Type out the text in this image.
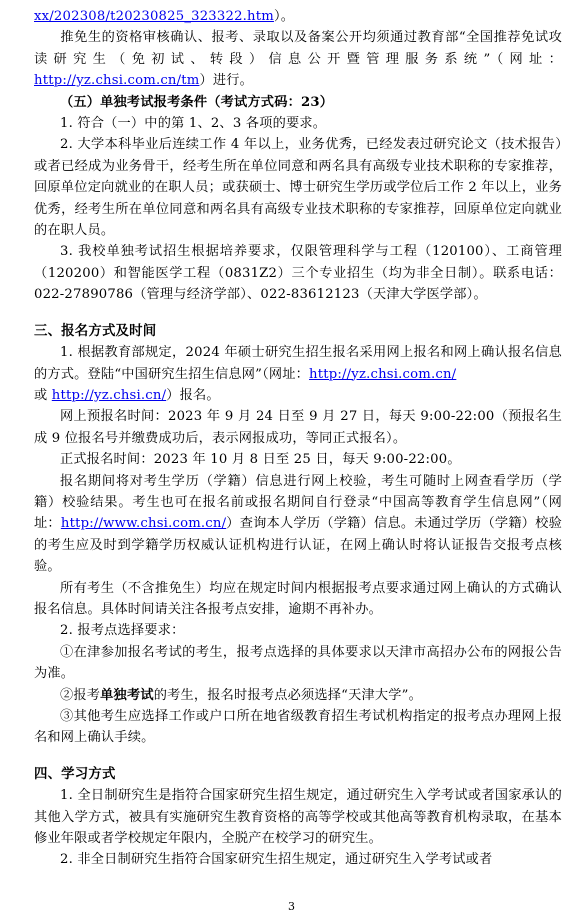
xx/202308/t20230825_323322.htm）。
推免生的资格审核确认、报考、录取以及备案公开均须通过教育部“全国推荐免试攻读研究生（免初试、转段）信息公开暨管理服务系统”（网址：http://yz.chsi.com.cn/tm）进行。

（五）单独考试报考条件（考试方式码：23）

1. 符合（一）中的第 1、2、3 各项的要求。

2. 大学本科毕业后连续工作 4 年以上，业务优秀，已经发表过研究论文（技术报告）或者已经成为业务骨干，经考生所在单位同意和两名具有高级专业技术职称的专家推荐，回原单位定向就业的在职人员；或获硕士、博士研究生学历或学位后工作 2 年以上，业务优秀，经考生所在单位同意和两名具有高级专业技术职称的专家推荐，回原单位定向就业的在职人员。

3. 我校单独考试招生根据培养要求，仅限管理科学与工程（120100）、工商管理（120200）和智能医学工程（0831Z2）三个专业招生（均为非全日制）。联系电话：022-27890786（管理与经济学部）、022-83612123（天津大学医学部）。

三、报名方式及时间

1. 根据教育部规定，2024 年硕士研究生招生报名采用网上报名和网上确认报名信息的方式。登陆“中国研究生招生信息网”（网址：http://yz.chsi.com.cn/
或 http://yz.chsi.cn/）报名。

网上预报名时间：2023 年 9 月 24 日至 9 月 27 日，每天 9:00-22:00（预报名生成 9 位报名号并缴费成功后，表示网报成功，等同正式报名）。

正式报名时间：2023 年 10 月 8 日至 25 日，每天 9:00-22:00。

报名期间将对考生学历（学籍）信息进行网上校验，考生可随时上网查看学历（学籍）校验结果。考生也可在报名前或报名期间自行登录“中国高等教育学生信息网”（网址：http://www.chsi.com.cn/）查询本人学历（学籍）信息。未通过学历（学籍）校验的考生应及时到学籍学历权威认证机构进行认证，在网上确认时将认证报告交报考点核验。

所有考生（不含推免生）均应在规定时间内根据报考点要求通过网上确认的方式确认报名信息。具体时间请关注各报考点安排，逾期不再补办。

2. 报考点选择要求：

①在津参加报名考试的考生，报考点选择的具体要求以天津市高招办公布的网报公告为准。

②报考单独考试的考生，报名时报考点必须选择“天津大学”。

③其他考生应选择工作或户口所在地省级教育招生考试机构指定的报考点办理网上报名和网上确认手续。

四、学习方式

1. 全日制研究生是指符合国家研究生招生规定，通过研究生入学考试或者国家承认的其他入学方式，被具有实施研究生教育资格的高等学校或其他高等教育机构录取，在基本修业年限或者学校规定年限内，全脱产在校学习的研究生。

2. 非全日制研究生指符合国家研究生招生规定，通过研究生入学考试或者

3
